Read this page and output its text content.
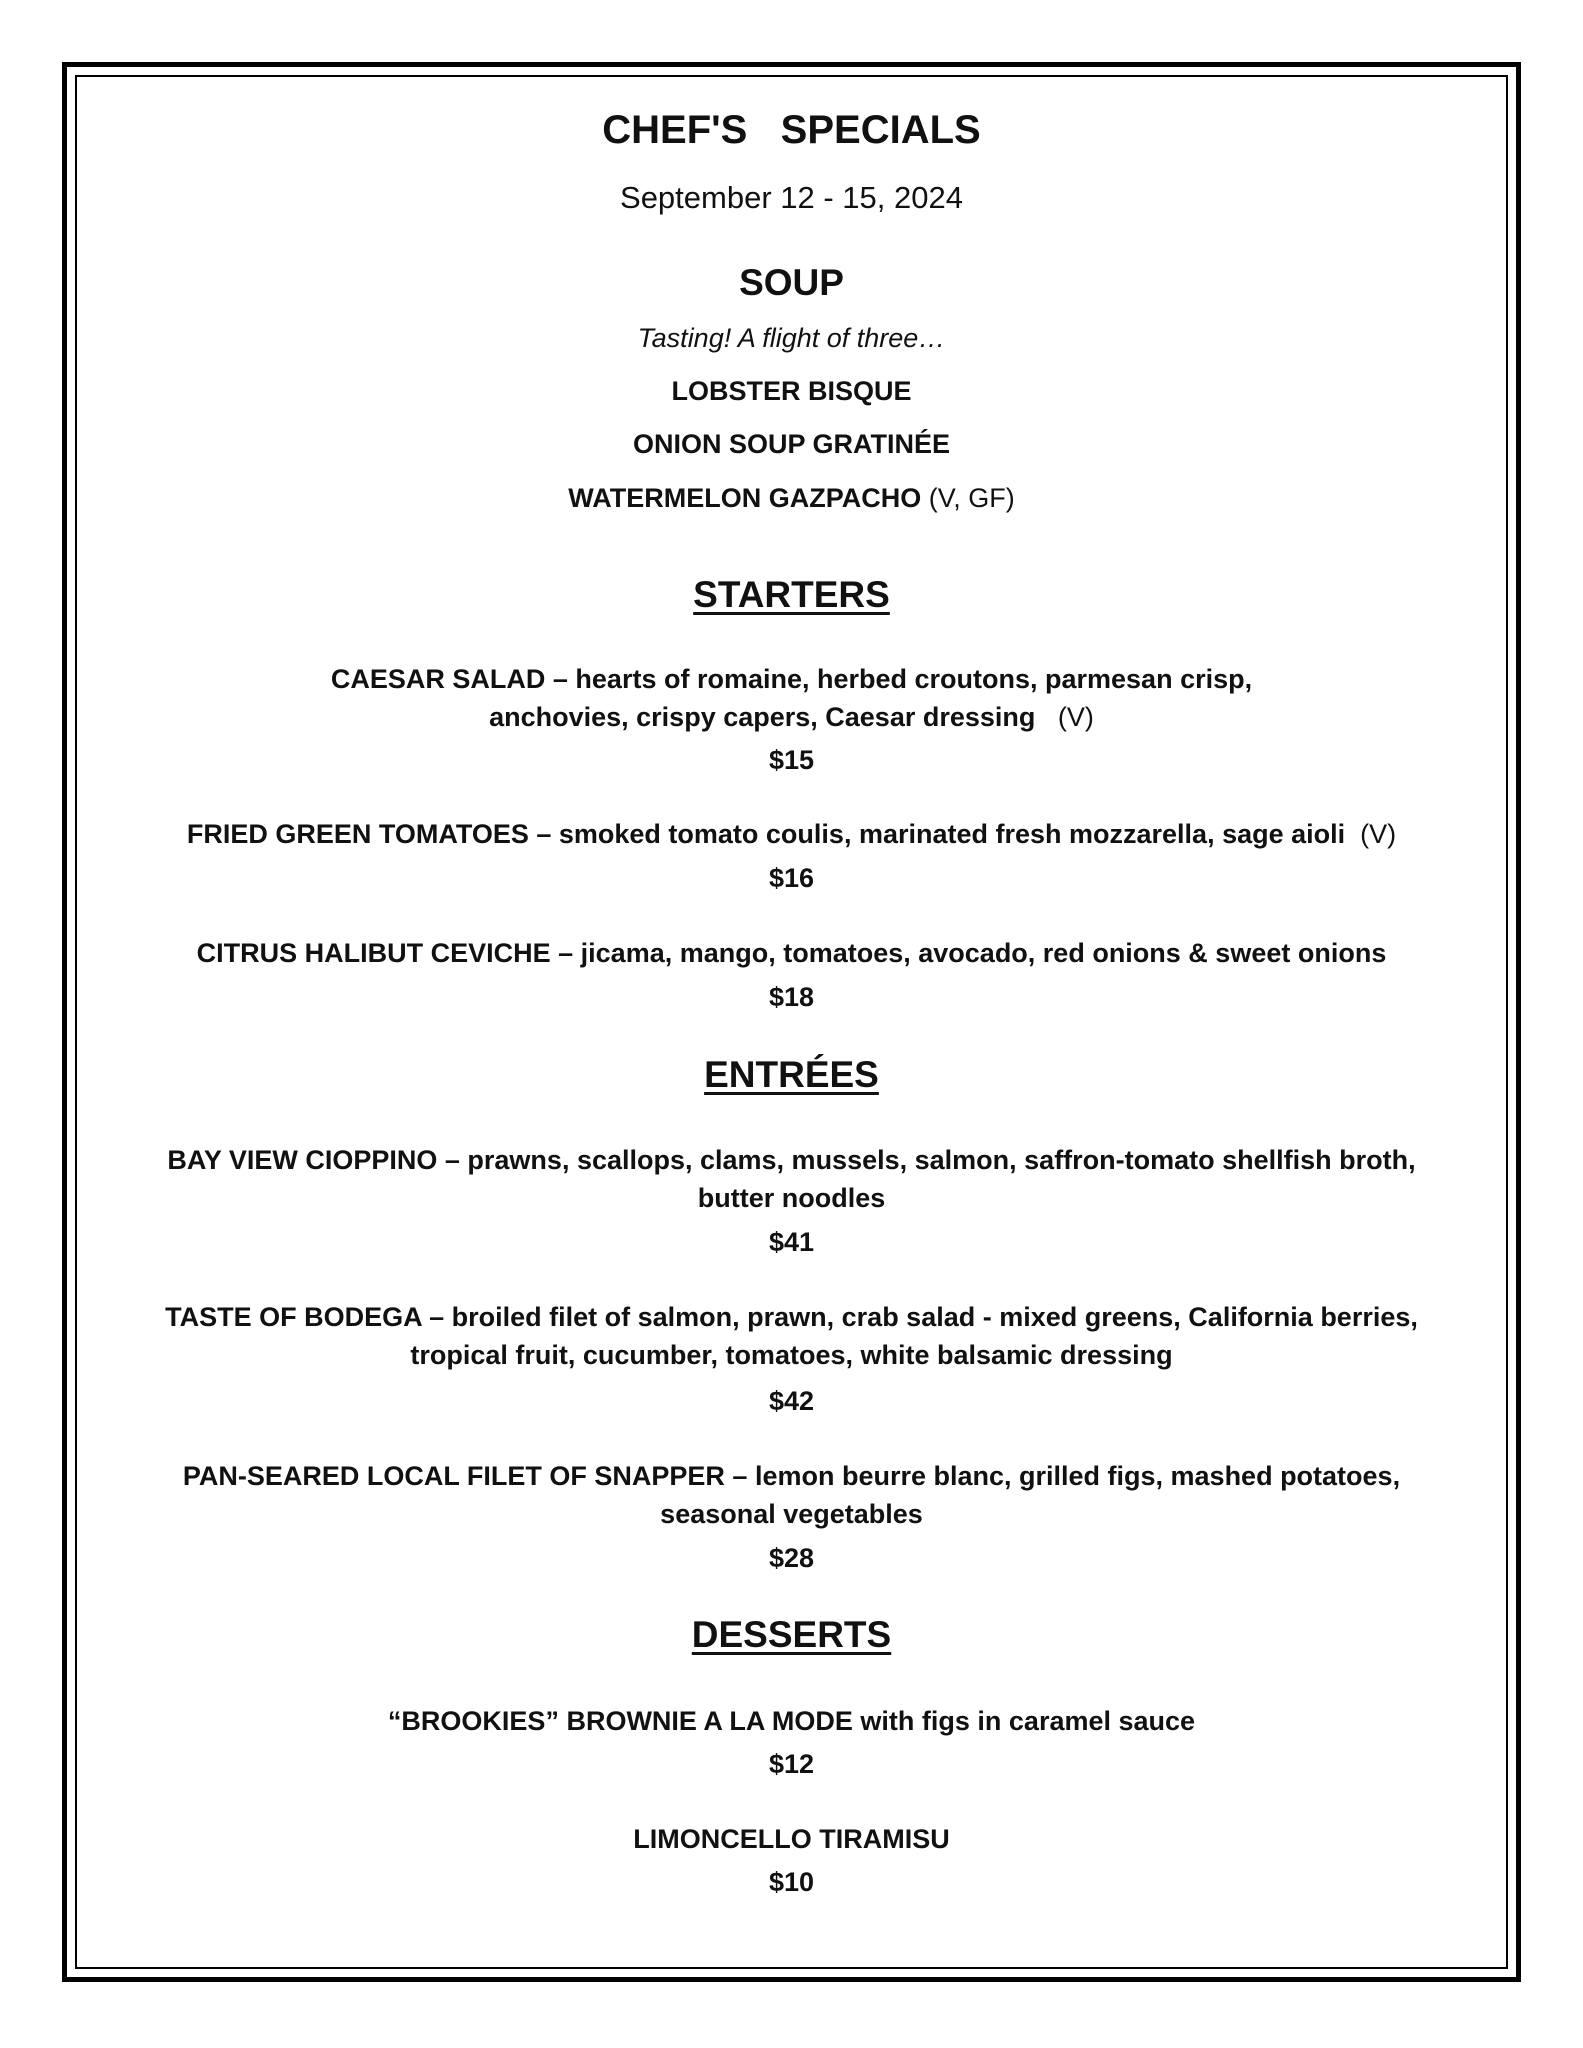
CHEF'S   SPECIALS
September 12 - 15, 2024
SOUP
Tasting! A flight of three…
LOBSTER BISQUE
ONION SOUP GRATINÉE
WATERMELON GAZPACHO (V, GF)
STARTERS
CAESAR SALAD – hearts of romaine, herbed croutons, parmesan crisp,
anchovies, crispy capers, Caesar dressing (V)
$15
FRIED GREEN TOMATOES – smoked tomato coulis, marinated fresh mozzarella, sage aioli (V)
$16
CITRUS HALIBUT CEVICHE – jicama, mango, tomatoes, avocado, red onions & sweet onions
$18
ENTRÉES
BAY VIEW CIOPPINO – prawns, scallops, clams, mussels, salmon, saffron-tomato shellfish broth,
butter noodles
$41
TASTE OF BODEGA – broiled filet of salmon, prawn, crab salad - mixed greens, California berries,
tropical fruit, cucumber, tomatoes, white balsamic dressing
$42
PAN-SEARED LOCAL FILET OF SNAPPER – lemon beurre blanc, grilled figs, mashed potatoes,
seasonal vegetables
$28
DESSERTS
“BROOKIES” BROWNIE A LA MODE with figs in caramel sauce
$12
LIMONCELLO TIRAMISU
$10
